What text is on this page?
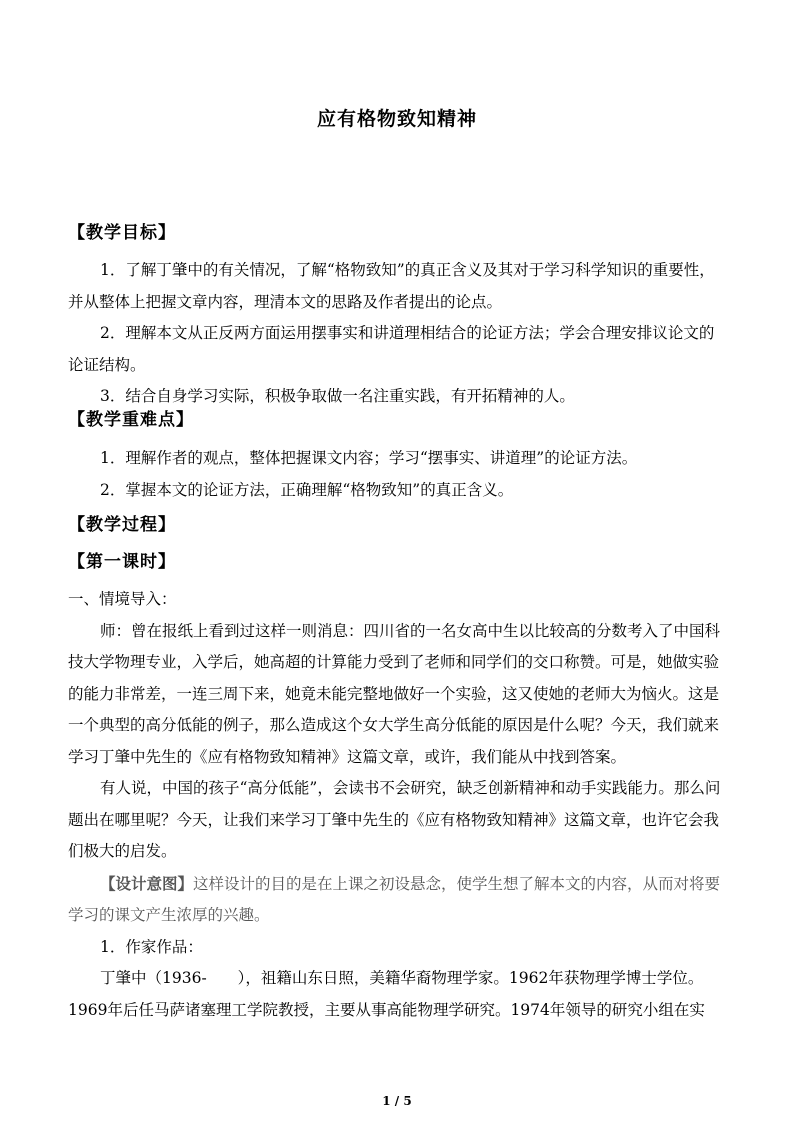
应有格物致知精神
【教学目标】

1．了解丁肇中的有关情况，了解“格物致知”的真正含义及其对于学习科学知识的重要性，并从整体上把握文章内容，理清本文的思路及作者提出的论点。

2．理解本文从正反两方面运用摆事实和讲道理相结合的论证方法；学会合理安排议论文的论证结构。

3．结合自身学习实际，积极争取做一名注重实践，有开拓精神的人。

【教学重难点】

1．理解作者的观点，整体把握课文内容；学习“摆事实、讲道理”的论证方法。

2．掌握本文的论证方法，正确理解“格物致知”的真正含义。

【教学过程】
【第一课时】

一、情境导入：

师：曾在报纸上看到过这样一则消息：四川省的一名女高中生以比较高的分数考入了中国科技大学物理专业，入学后，她高超的计算能力受到了老师和同学们的交口称赞。可是，她做实验的能力非常差，一连三周下来，她竟未能完整地做好一个实验，这又使她的老师大为恼火。这是一个典型的高分低能的例子，那么造成这个女大学生高分低能的原因是什么呢？今天，我们就来学习丁肇中先生的《应有格物致知精神》这篇文章，或许，我们能从中找到答案。

有人说，中国的孩子“高分低能”，会读书不会研究，缺乏创新精神和动手实践能力。那么问题出在哪里呢？今天，让我们来学习丁肇中先生的《应有格物致知精神》这篇文章，也许它会我们极大的启发。

【设计意图】这样设计的目的是在上课之初设悬念，使学生想了解本文的内容，从而对将要学习的课文产生浓厚的兴趣。

1．作家作品：

丁肇中（1936-　　），祖籍山东日照，美籍华裔物理学家。1962年获物理学博士学位。1969年后任马萨诸塞理工学院教授，主要从事高能物理学研究。1974年领导的研究小组在实

1 / 5
